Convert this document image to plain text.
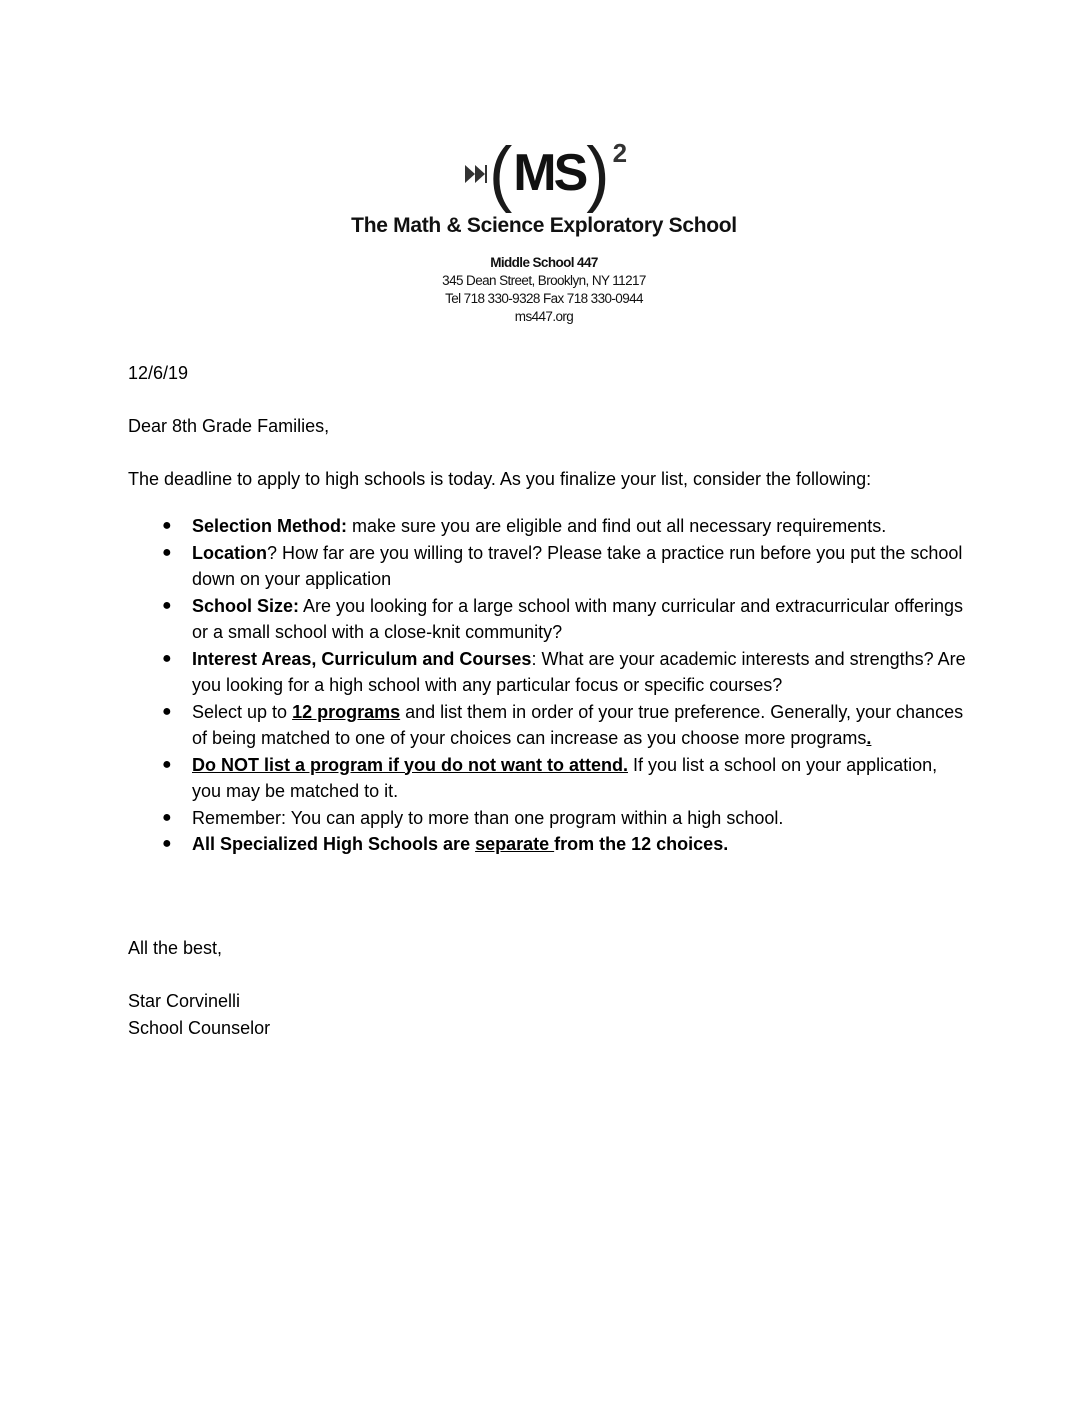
( MS ) 2
The Math & Science Exploratory School
Middle School 447
345 Dean Street, Brooklyn, NY 11217
Tel 718 330-9328 Fax 718 330-0944
ms447.org
12/6/19
Dear 8th Grade Families,
The deadline to apply to high schools is today. As you finalize your list, consider the following:
● Selection Method: make sure you are eligible and find out all necessary requirements.
● Location? How far are you willing to travel? Please take a practice run before you put the school down on your application
● School Size: Are you looking for a large school with many curricular and extracurricular offerings or a small school with a close-knit community?
● Interest Areas, Curriculum and Courses: What are your academic interests and strengths? Are you looking for a high school with any particular focus or specific courses?
● Select up to 12 programs and list them in order of your true preference. Generally, your chances of being matched to one of your choices can increase as you choose more programs.
● Do NOT list a program if you do not want to attend. If you list a school on your application, you may be matched to it.
● Remember: You can apply to more than one program within a high school.
● All Specialized High Schools are separate from the 12 choices.
All the best,
Star Corvinelli
School Counselor
